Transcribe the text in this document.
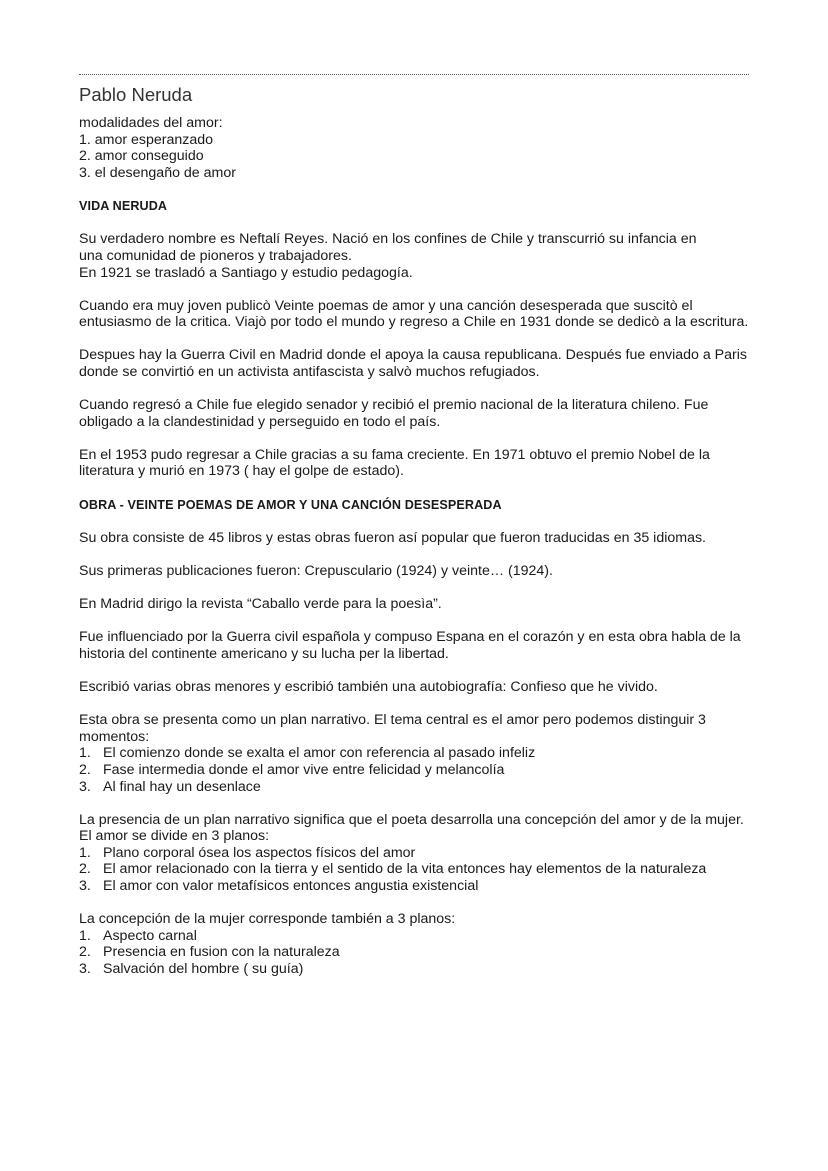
Pablo Neruda
modalidades del amor:
1. amor esperanzado
2. amor conseguido
3. el desengaño de amor
VIDA NERUDA

Su verdadero nombre es Neftalí Reyes. Nació en los confines de Chile y transcurrió su infancia en
una comunidad de pioneros y trabajadores.
En 1921 se trasladó a Santiago y estudio pedagogía.

Cuando era muy joven publicò Veinte poemas de amor y una canción desesperada que suscitò el entusiasmo de la critica. Viajò por todo el mundo y regreso a Chile en 1931 donde se dedicò a la escritura.

Despues hay la Guerra Civil en Madrid donde el apoya la causa republicana. Después fue enviado a Paris donde se convirtió en un activista antifascista y salvò muchos refugiados.

Cuando regresó a Chile fue elegido senador y recibió el premio nacional de la literatura chileno. Fue obligado a la clandestinidad y perseguido en todo el país.

En el 1953 pudo regresar a Chile gracias a su fama creciente. En 1971 obtuvo el premio Nobel de la literatura y murió en 1973 ( hay el golpe de estado).

OBRA - VEINTE POEMAS DE AMOR Y UNA CANCIÓN DESESPERADA

Su obra consiste de 45 libros y estas obras fueron así popular que fueron traducidas en 35 idiomas.

Sus primeras publicaciones fueron: Crepusculario (1924) y veinte… (1924).

En Madrid dirigo la revista “Caballo verde para la poesìa”.

Fue influenciado por la Guerra civil española y compuso Espana en el corazón y en esta obra habla de la historia del continente americano y su lucha per la libertad.

Escribió varias obras menores y escribió también una autobiografía: Confieso que he vivido.

Esta obra se presenta como un plan narrativo. El tema central es el amor pero podemos distinguir 3 momentos:
1. El comienzo donde se exalta el amor con referencia al pasado infeliz
2. Fase intermedia donde el amor vive entre felicidad y melancolía
3. Al final hay un desenlace
La presencia de un plan narrativo significa que el poeta desarrolla una concepción del amor y de la mujer.
El amor se divide en 3 planos:
1. Plano corporal ósea los aspectos físicos del amor
2. El amor relacionado con la tierra y el sentido de la vita entonces hay elementos de la naturaleza
3. El amor con valor metafísicos entonces angustia existencial
La concepción de la mujer corresponde también a 3 planos:
1. Aspecto carnal
2. Presencia en fusion con la naturaleza
3. Salvación del hombre ( su guía)
